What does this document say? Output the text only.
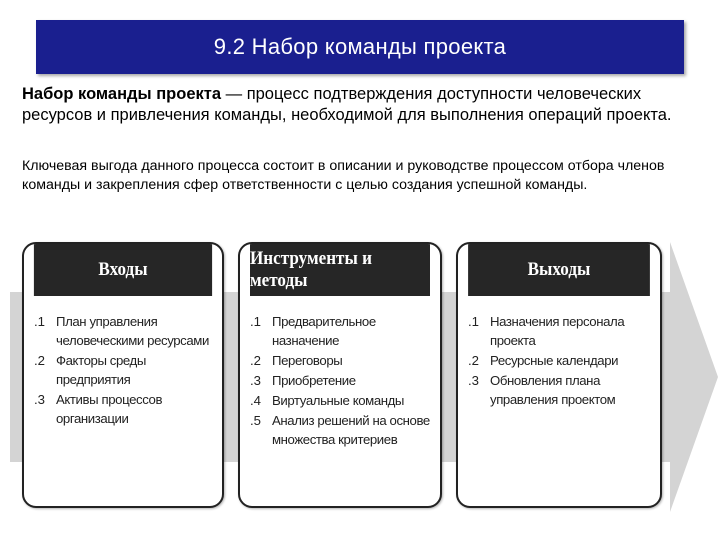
9.2 Набор команды проекта
Набор команды проекта — процесс подтверждения доступности человеческих ресурсов и привлечения команды, необходимой для выполнения операций проекта.
Ключевая выгода данного процесса состоит в описании и руководстве процессом отбора членов команды и закрепления сфер ответственности с целью создания успешной команды.
Входы
.1 План управления человеческими ресурсами
.2 Факторы среды предприятия
.3 Активы процессов организации
Инструменты и методы
.1 Предварительное назначение
.2 Переговоры
.3 Приобретение
.4 Виртуальные команды
.5 Анализ решений на основе множества критериев
Выходы
.1 Назначения персонала проекта
.2 Ресурсные календари
.3 Обновления плана управления проектом
